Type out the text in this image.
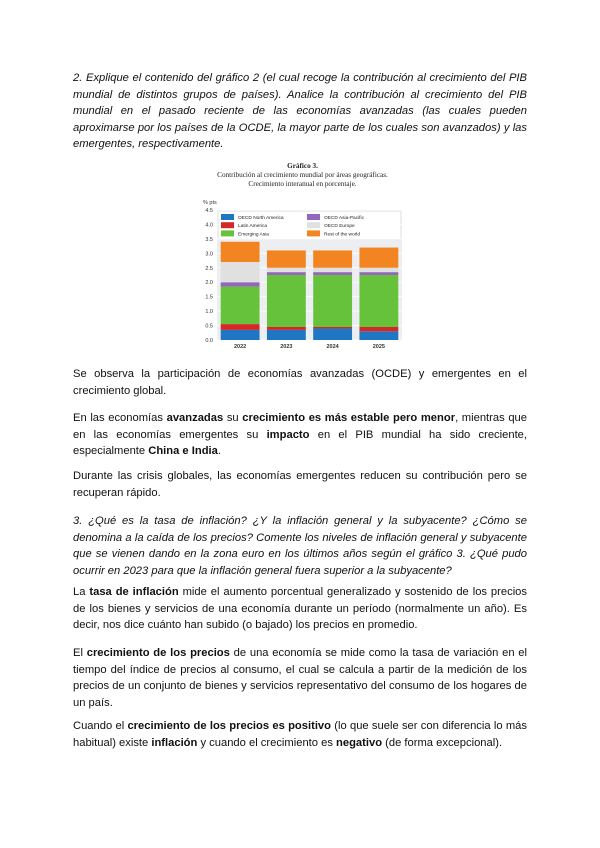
2. Explique el contenido del gráfico 2 (el cual recoge la contribución al crecimiento del PIB mundial de distintos grupos de países). Analice la contribución al crecimiento del PIB mundial en el pasado reciente de las economías avanzadas (las cuales pueden aproximarse por los países de la OCDE, la mayor parte de los cuales son avanzados) y las emergentes, respectivamente.

Gráfico 3.
Contribución al crecimiento mundial por áreas geográficas.
Crecimiento interanual en porcentaje.
0.0
0.5
1.0
1.5
2.0
2.5
3.0
3.5
4.0
4.5
% pts
2022	2023	2024	2025
OECD North America
Latin America
Emerging Asia
OECD Asia-Pacific
OECD Europe
Rest of the world

Se observa la participación de economías avanzadas (OCDE) y emergentes en el crecimiento global.

En las economías avanzadas su crecimiento es más estable pero menor, mientras que en las economías emergentes su impacto en el PIB mundial ha sido creciente, especialmente China e India.

Durante las crisis globales, las economías emergentes reducen su contribución pero se recuperan rápido.

3. ¿Qué es la tasa de inflación? ¿Y la inflación general y la subyacente? ¿Cómo se denomina a la caída de los precios? Comente los niveles de inflación general y subyacente que se vienen dando en la zona euro en los últimos años según el gráfico 3. ¿Qué pudo ocurrir en 2023 para que la inflación general fuera superior a la subyacente?

La tasa de inflación mide el aumento porcentual generalizado y sostenido de los precios de los bienes y servicios de una economía durante un período (normalmente un año). Es decir, nos dice cuánto han subido (o bajado) los precios en promedio.

El crecimiento de los precios de una economía se mide como la tasa de variación en el tiempo del índice de precios al consumo, el cual se calcula a partir de la medición de los precios de un conjunto de bienes y servicios representativo del consumo de los hogares de un país.

Cuando el crecimiento de los precios es positivo (lo que suele ser con diferencia lo más habitual) existe inflación y cuando el crecimiento es negativo (de forma excepcional).
